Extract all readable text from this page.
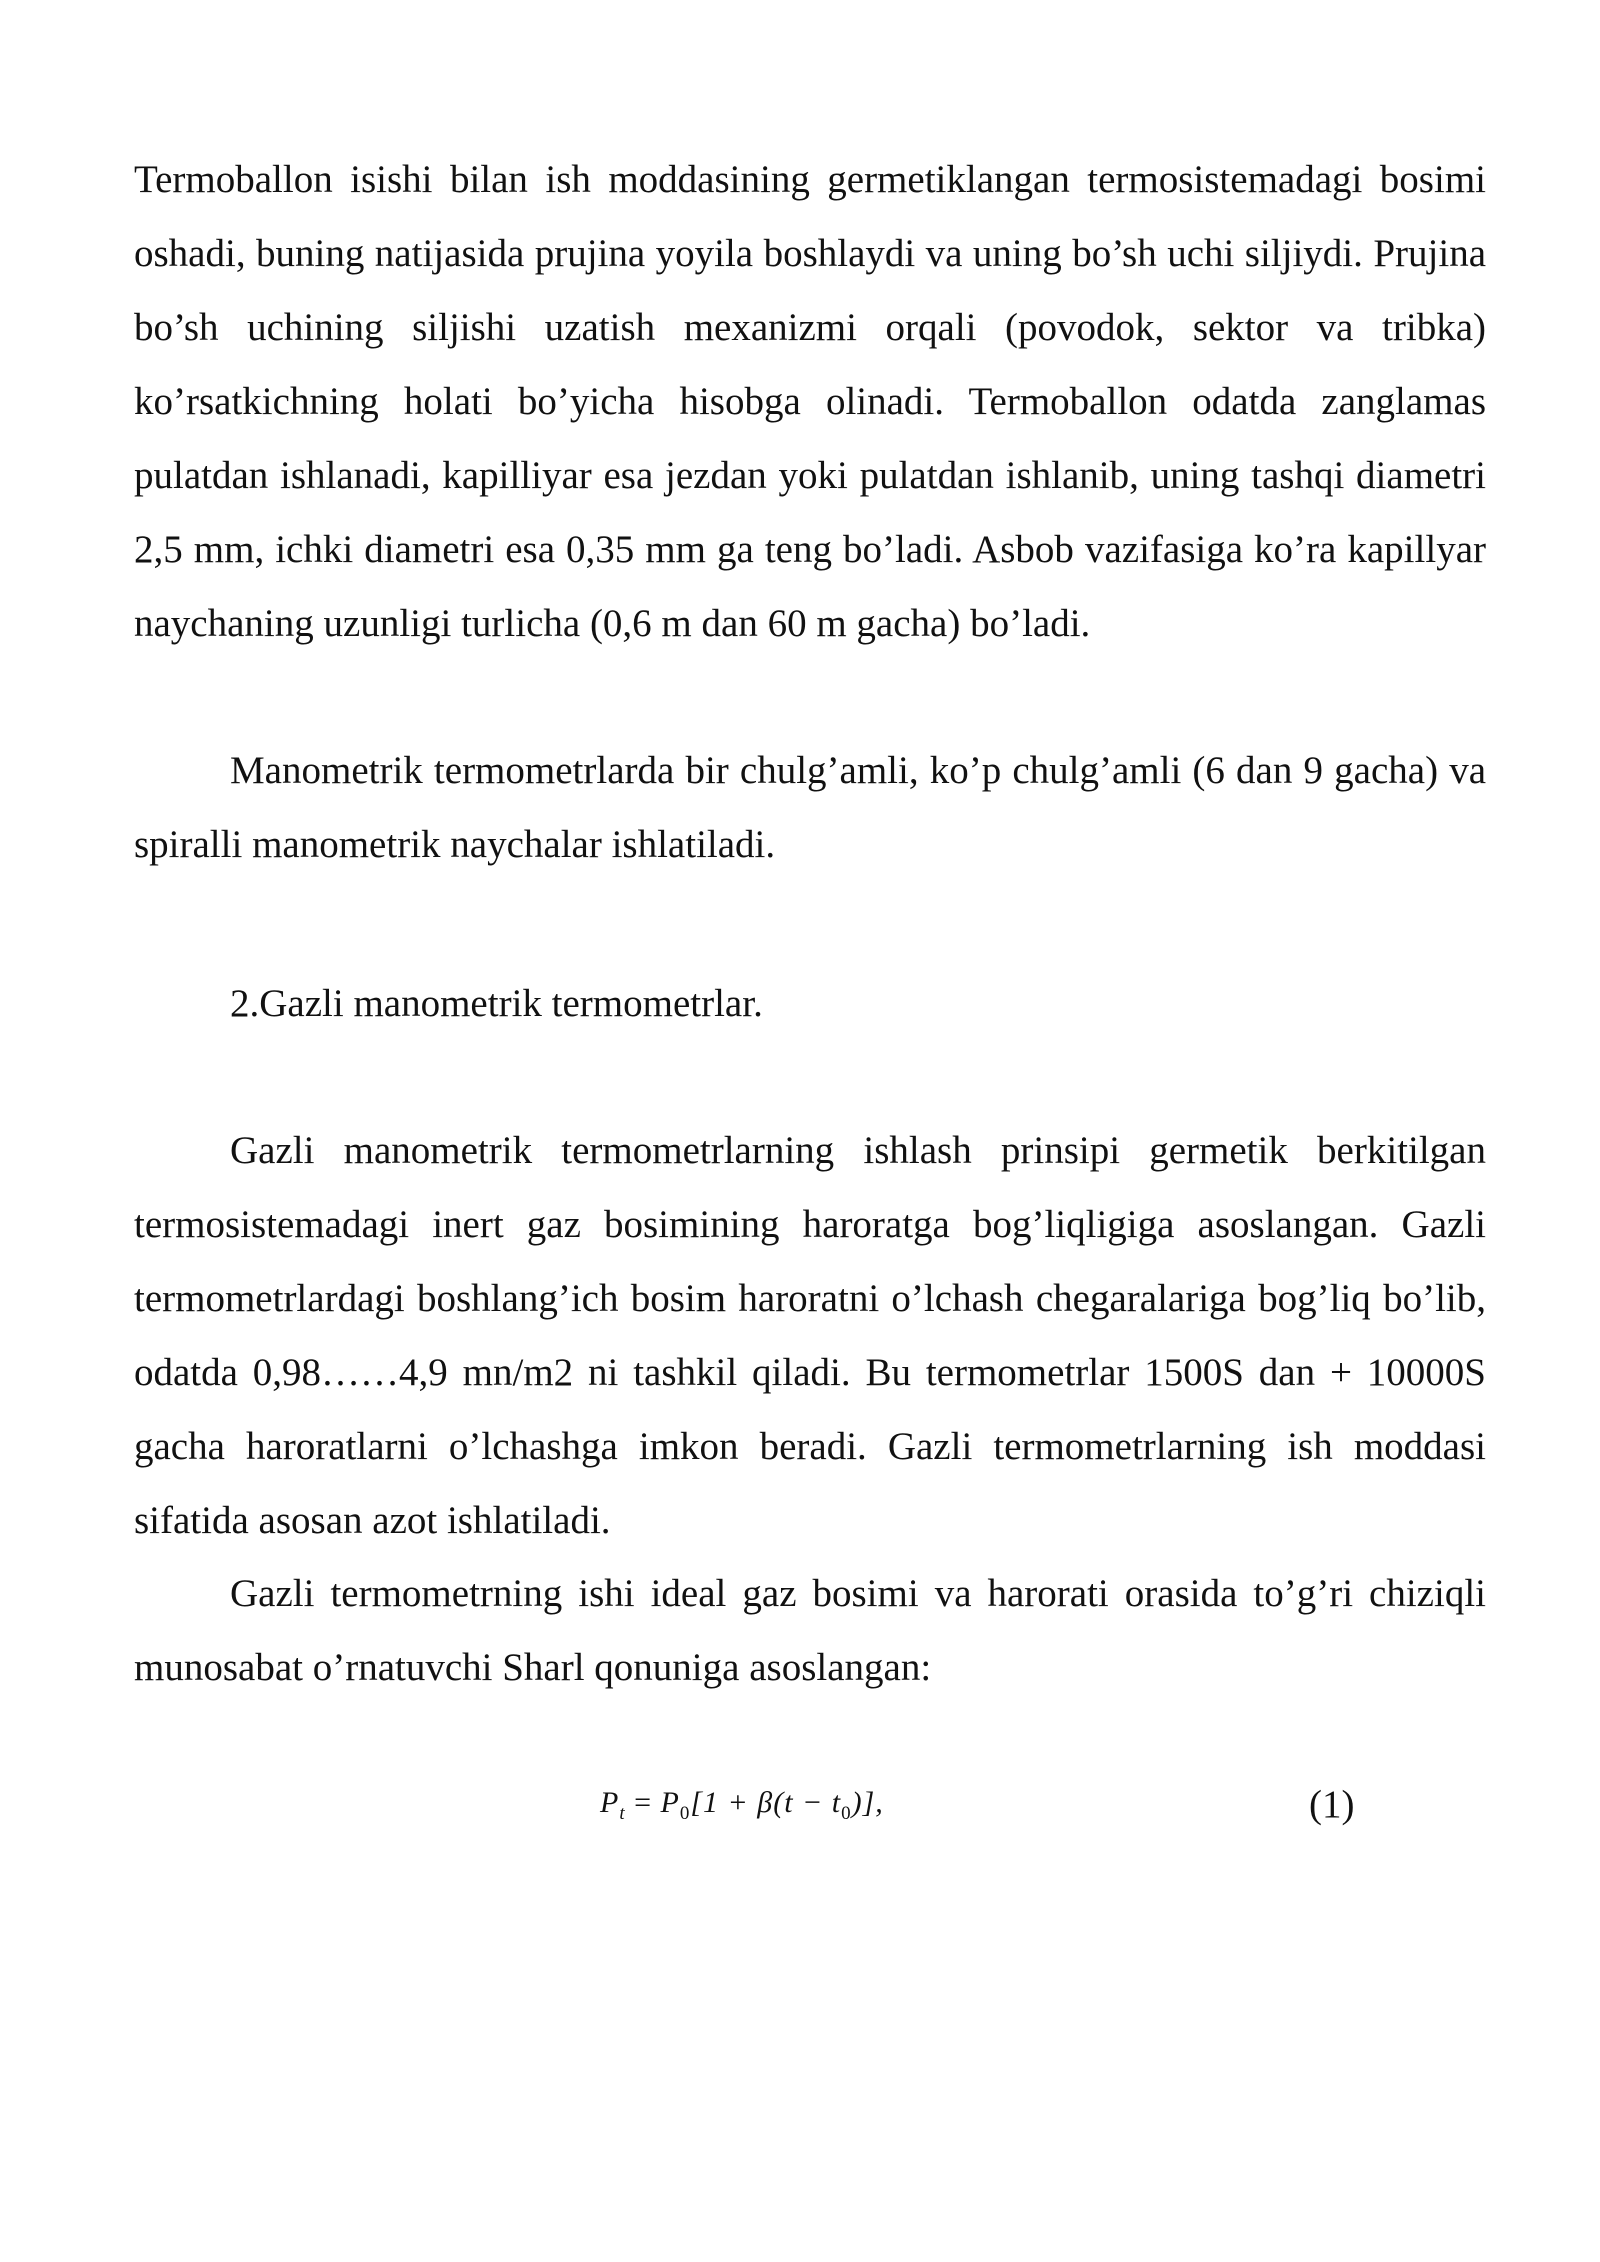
Termoballon isishi bilan ish moddasining germetiklangan termosistemadagi bosimi oshadi, buning natijasida prujina yoyila boshlaydi va uning bo’sh uchi siljiydi. Prujina bo’sh uchining siljishi uzatish mexanizmi orqali (povodok, sektor va tribka) ko’rsatkichning holati bo’yicha hisobga olinadi. Termoballon odatda zanglamas pulatdan ishlanadi, kapilliyar esa jezdan yoki pulatdan ishlanib, uning tashqi diametri 2,5 mm, ichki diametri esa 0,35 mm ga teng bo’ladi. Asbob vazifasiga ko’ra kapillyar naychaning uzunligi turlicha (0,6 m dan 60 m gacha) bo’ladi.

Manometrik termometrlarda bir chulg’amli, ko’p chulg’amli (6 dan 9 gacha) va spiralli manometrik naychalar ishlatiladi.

2.Gazli manometrik termometrlar.

Gazli manometrik termometrlarning ishlash prinsipi germetik berkitilgan termosistemadagi inert gaz bosimining haroratga bog’liqligiga asoslangan. Gazli termometrlardagi boshlang’ich bosim haroratni o’lchash chegaralariga bog’liq bo’lib, odatda 0,98……4,9 mn/m2 ni tashkil qiladi. Bu termometrlar 1500S dan + 10000S gacha haroratlarni o’lchashga imkon beradi. Gazli termometrlarning ish moddasi sifatida asosan azot ishlatiladi.

Gazli termometrning ishi ideal gaz bosimi va harorati orasida to’g’ri chiziqli munosabat o’rnatuvchi Sharl qonuniga asoslangan:

$P_t = P_0[1 + \beta(t - t_0)]$,	(1)
